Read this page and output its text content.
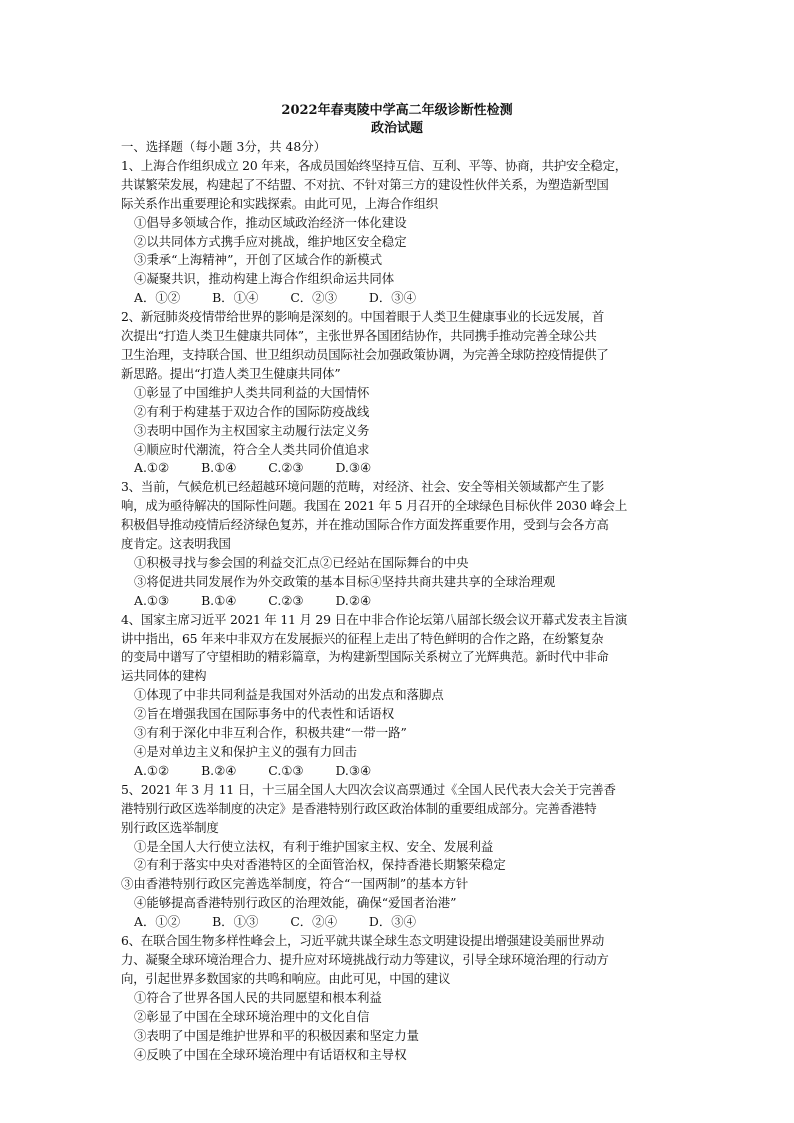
2022年春夷陵中学高二年级诊断性检测
政治试题
一、选择题（每小题 3分，共 48分）
1、上海合作组织成立 20 年来，各成员国始终坚持互信、互利、平等、协商，共护安全稳定，
共谋繁荣发展，构建起了不结盟、不对抗、不针对第三方的建设性伙伴关系，为塑造新型国
际关系作出重要理论和实践探索。由此可见，上海合作组织
①倡导多领域合作，推动区域政治经济一体化建设
②以共同体方式携手应对挑战，维护地区安全稳定
③秉承“上海精神”，开创了区域合作的新模式
④凝聚共识，推动构建上海合作组织命运共同体
A．①②	B．①④	C．②③	D．③④
2、新冠肺炎疫情带给世界的影响是深刻的。中国着眼于人类卫生健康事业的长远发展，首
次提出“打造人类卫生健康共同体”，主张世界各国团结协作，共同携手推动完善全球公共
卫生治理，支持联合国、世卫组织动员国际社会加强政策协调，为完善全球防控疫情提供了
新思路。提出“打造人类卫生健康共同体”
①彰显了中国维护人类共同利益的大国情怀
②有利于构建基于双边合作的国际防疫战线
③表明中国作为主权国家主动履行法定义务
④顺应时代潮流，符合全人类共同价值追求
A.①②	B.①④	C.②③	D.③④
3、当前，气候危机已经超越环境问题的范畴，对经济、社会、安全等相关领域都产生了影
响，成为亟待解决的国际性问题。我国在 2021 年 5 月召开的全球绿色目标伙伴 2030 峰会上
积极倡导推动疫情后经济绿色复苏，并在推动国际合作方面发挥重要作用，受到与会各方高
度肯定。这表明我国
①积极寻找与参会国的利益交汇点②已经站在国际舞台的中央
③将促进共同发展作为外交政策的基本目标④坚持共商共建共享的全球治理观
A.①③	B.①④	C.②③	D.②④
4、国家主席习近平 2021 年 11 月 29 日在中非合作论坛第八届部长级会议开幕式发表主旨演
讲中指出，65 年来中非双方在发展振兴的征程上走出了特色鲜明的合作之路，在纷繁复杂
的变局中谱写了守望相助的精彩篇章，为构建新型国际关系树立了光辉典范。新时代中非命
运共同体的建构
①体现了中非共同利益是我国对外活动的出发点和落脚点
②旨在增强我国在国际事务中的代表性和话语权
③有利于深化中非互利合作，积极共建“一带一路”
④是对单边主义和保护主义的强有力回击
A.①②	B.②④	C.①③	D.③④
5、2021 年 3 月 11 日，十三届全国人大四次会议高票通过《全国人民代表大会关于完善香
港特别行政区选举制度的决定》是香港特别行政区政治体制的重要组成部分。完善香港特
别行政区选举制度
①是全国人大行使立法权，有利于维护国家主权、安全、发展利益
②有利于落实中央对香港特区的全面管治权，保持香港长期繁荣稳定
③由香港特别行政区完善选举制度，符合“一国两制”的基本方针
④能够提高香港特别行政区的治理效能，确保“爱国者治港”
A．①②	B．①③	C．②④	D．③④
6、在联合国生物多样性峰会上，习近平就共谋全球生态文明建设提出增强建设美丽世界动
力、凝聚全球环境治理合力、提升应对环境挑战行动力等建议，引导全球环境治理的行动方
向，引起世界多数国家的共鸣和响应。由此可见，中国的建议
①符合了世界各国人民的共同愿望和根本利益
②彰显了中国在全球环境治理中的文化自信
③表明了中国是维护世界和平的积极因素和坚定力量
④反映了中国在全球环境治理中有话语权和主导权
